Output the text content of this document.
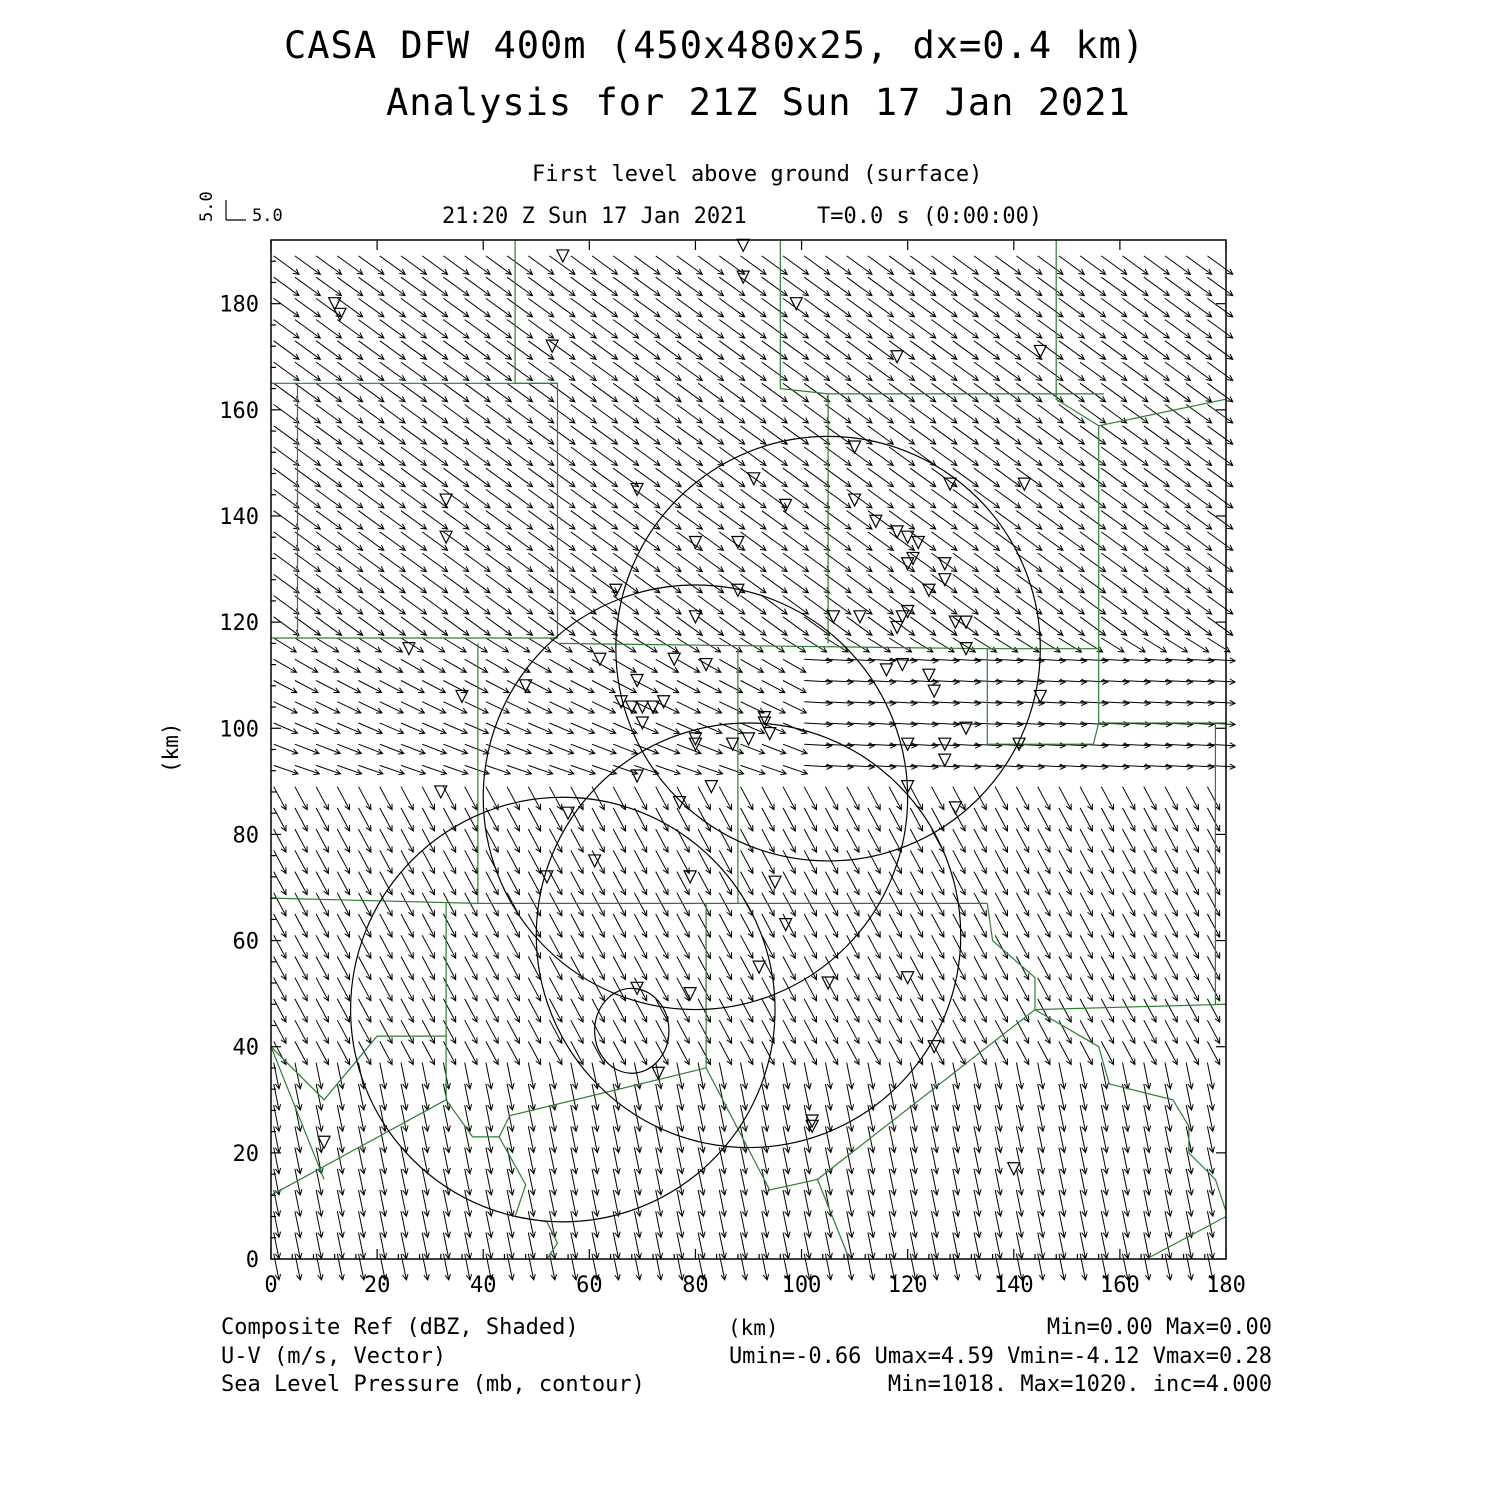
CASA DFW 400m (450x480x25, dx=0.4 km)
Analysis for 21Z Sun 17 Jan 2021
First level above ground (surface)
21:20 Z Sun 17 Jan 2021	T=0.0 s (0:00:00)
0	20	40	60	80	100	120	140	160	180
0
20
40
60
80
100
120
140
160
180
5.0 5.0
(km)
(km)
Composite Ref (dBZ, Shaded)	Min=0.00 Max=0.00
U-V (m/s, Vector)	Umin=-0.66 Umax=4.59 Vmin=-4.12 Vmax=0.28
Sea Level Pressure (mb, contour)	Min=1018. Max=1020. inc=4.000
